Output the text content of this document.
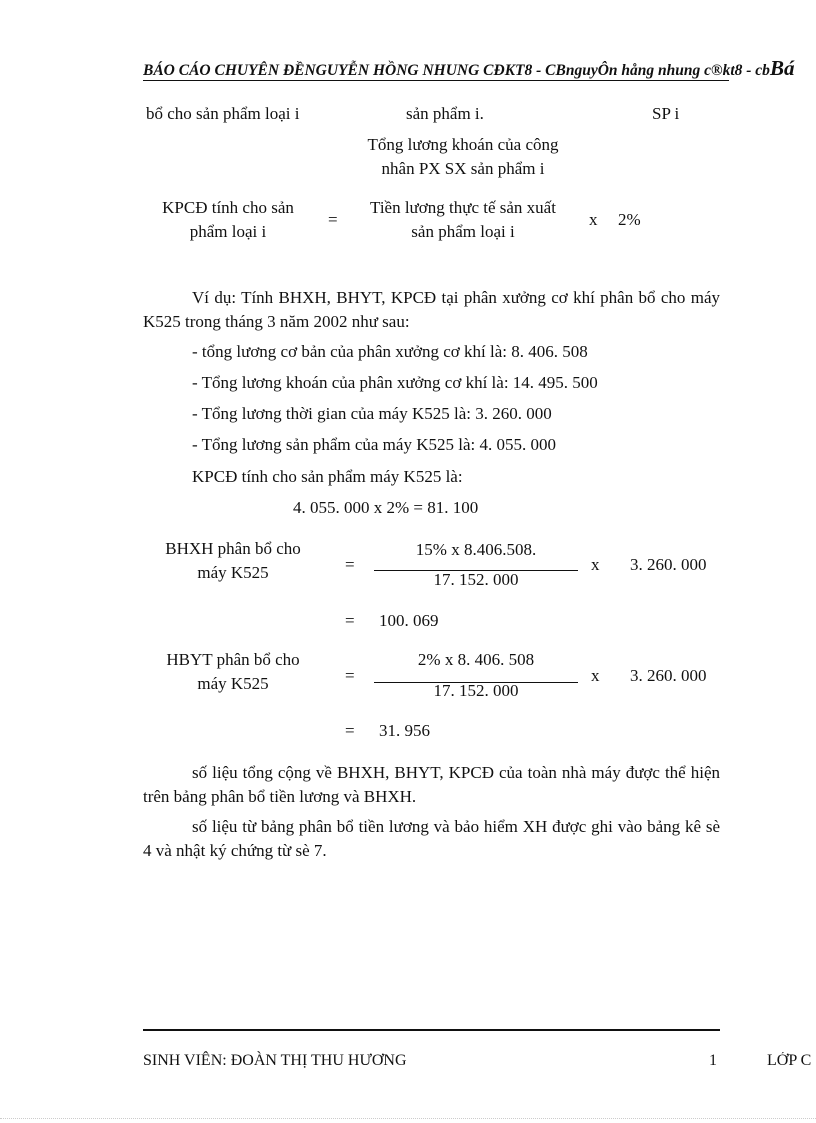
BÁO CÁO CHUYÊN ĐỀNGUYỄN HỒNG NHUNG CĐKT8 - CBnguyÔn hång nhung c®kt8 - cbBá
bổ cho sản phẩm loại i	sản phẩm i.	SP i
Tổng lương khoán của công
nhân PX SX sản phẩm i
KPCĐ tính cho sản
phẩm loại i
=
Tiền lương thực tế sản xuất
sản phẩm loại i
x 2%
Ví dụ: Tính BHXH, BHYT, KPCĐ tại phân xưởng cơ khí phân bổ cho máy K525 trong tháng 3 năm 2002 như sau:
- tổng lương cơ bản của phân xưởng cơ khí là: 8. 406. 508
- Tổng lương khoán của phân xưởng cơ khí là: 14. 495. 500
- Tổng lương thời gian của máy K525 là: 3. 260. 000
- Tổng lương sản phẩm của máy K525 là: 4. 055. 000
KPCĐ tính cho sản phẩm máy K525 là:
4. 055. 000 x 2% = 81. 100
BHXH phân bổ cho
máy K525	=
15% x 8.406.508.
17. 152. 000
x 3. 260. 000
= 100. 069
HBYT phân bổ cho
máy K525	=
2% x 8. 406. 508
17. 152. 000
x 3. 260. 000
= 31. 956
số liệu tổng cộng về BHXH, BHYT, KPCĐ của toàn nhà máy được thể hiện trên bảng phân bổ tiền lương và BHXH.
số liệu từ bảng phân bổ tiền lương và bảo hiểm XH được ghi vào bảng kê sè 4 và nhật ký chứng từ sè 7.
SINH VIÊN: ĐOÀN THỊ THU HƯƠNG	1	LỚP C
